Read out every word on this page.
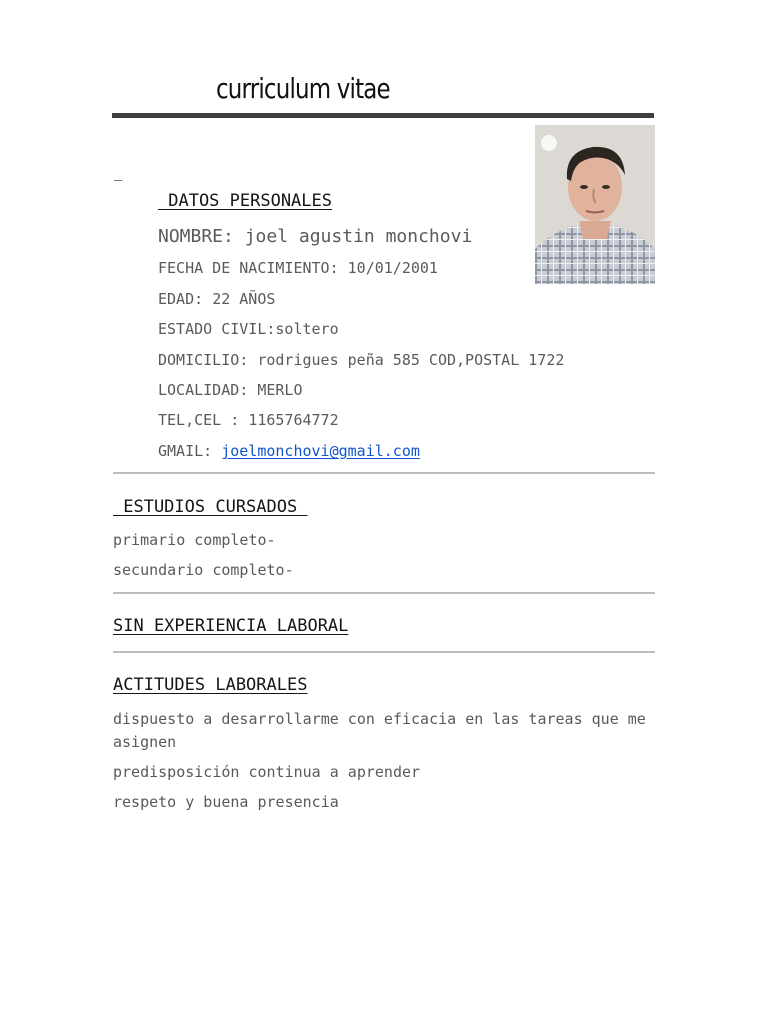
curriculum vitae
_
DATOS PERSONALES
NOMBRE: joel agustin monchovi
FECHA DE NACIMIENTO: 10/01/2001
EDAD: 22 AÑOS
ESTADO CIVIL:soltero
DOMICILIO: rodrigues peña 585 COD,POSTAL 1722
LOCALIDAD: MERLO
TEL,CEL : 1165764772
GMAIL: joelmonchovi@gmail.com
ESTUDIOS CURSADOS
primario completo-
secundario completo-
SIN EXPERIENCIA LABORAL
ACTITUDES LABORALES
dispuesto a desarrollarme con eficacia en las tareas que me asignen
predisposición continua a aprender
respeto y buena presencia
